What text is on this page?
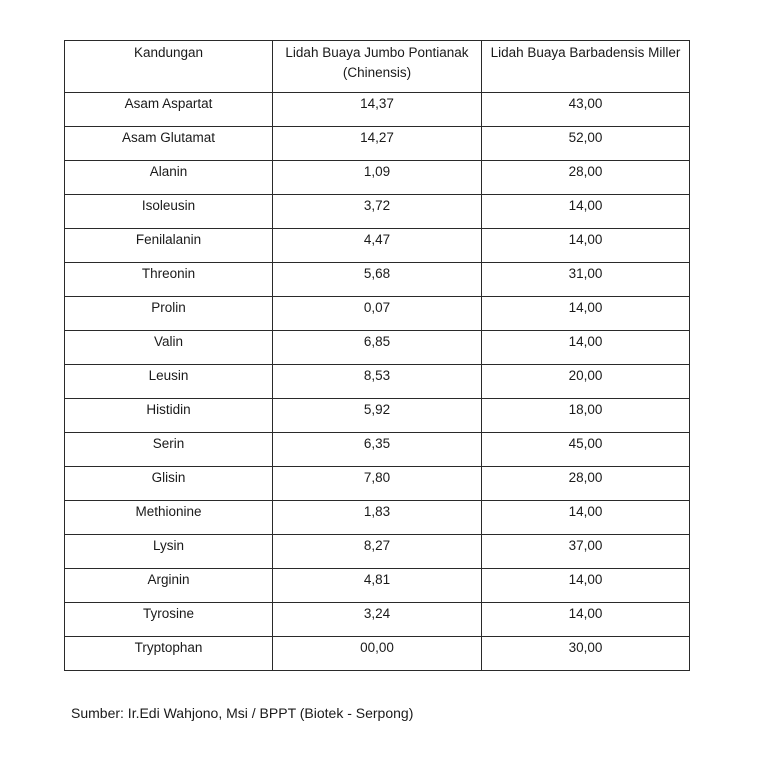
Kandungan	Lidah Buaya Jumbo Pontianak (Chinensis)	Lidah Buaya Barbadensis Miller
Asam Aspartat	14,37	43,00
Asam Glutamat	14,27	52,00
Alanin	1,09	28,00
Isoleusin	3,72	14,00
Fenilalanin	4,47	14,00
Threonin	5,68	31,00
Prolin	0,07	14,00
Valin	6,85	14,00
Leusin	8,53	20,00
Histidin	5,92	18,00
Serin	6,35	45,00
Glisin	7,80	28,00
Methionine	1,83	14,00
Lysin	8,27	37,00
Arginin	4,81	14,00
Tyrosine	3,24	14,00
Tryptophan	00,00	30,00
Sumber: Ir.Edi Wahjono, Msi / BPPT (Biotek - Serpong)
